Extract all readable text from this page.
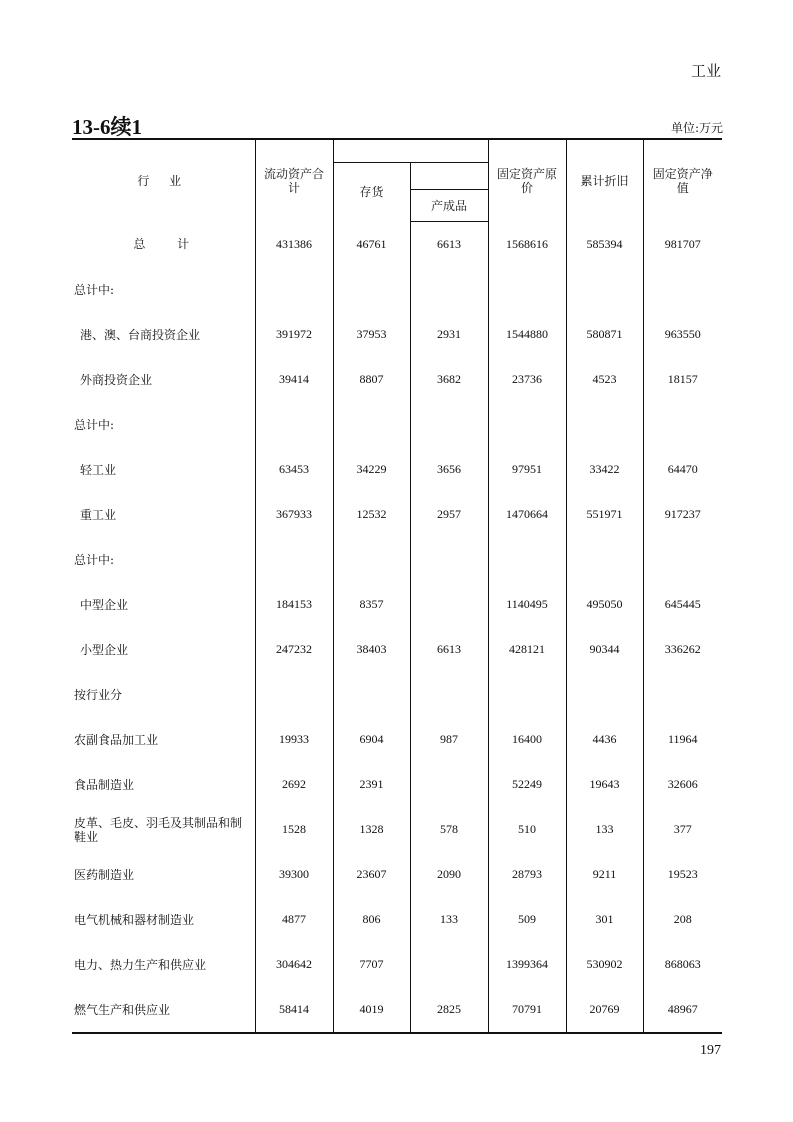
工业
13-6续1	单位:万元
行 业	流动资产合计			固定资产原价	累计折旧	固定资产净值
		存货				
			产成品			
总 计	431386	46761	6613	1568616	585394	981707
总计中:						
港、澳、台商投资企业	391972	37953	2931	1544880	580871	963550
外商投资企业	39414	8807	3682	23736	4523	18157
总计中:						
轻工业	63453	34229	3656	97951	33422	64470
重工业	367933	12532	2957	1470664	551971	917237
总计中:						
中型企业	184153	8357		1140495	495050	645445
小型企业	247232	38403	6613	428121	90344	336262
按行业分						
农副食品加工业	19933	6904	987	16400	4436	11964
食品制造业	2692	2391		52249	19643	32606
皮革、毛皮、羽毛及其制品和制鞋业	1528	1328	578	510	133	377
医药制造业	39300	23607	2090	28793	9211	19523
电气机械和器材制造业	4877	806	133	509	301	208
电力、热力生产和供应业	304642	7707		1399364	530902	868063
燃气生产和供应业	58414	4019	2825	70791	20769	48967
197
